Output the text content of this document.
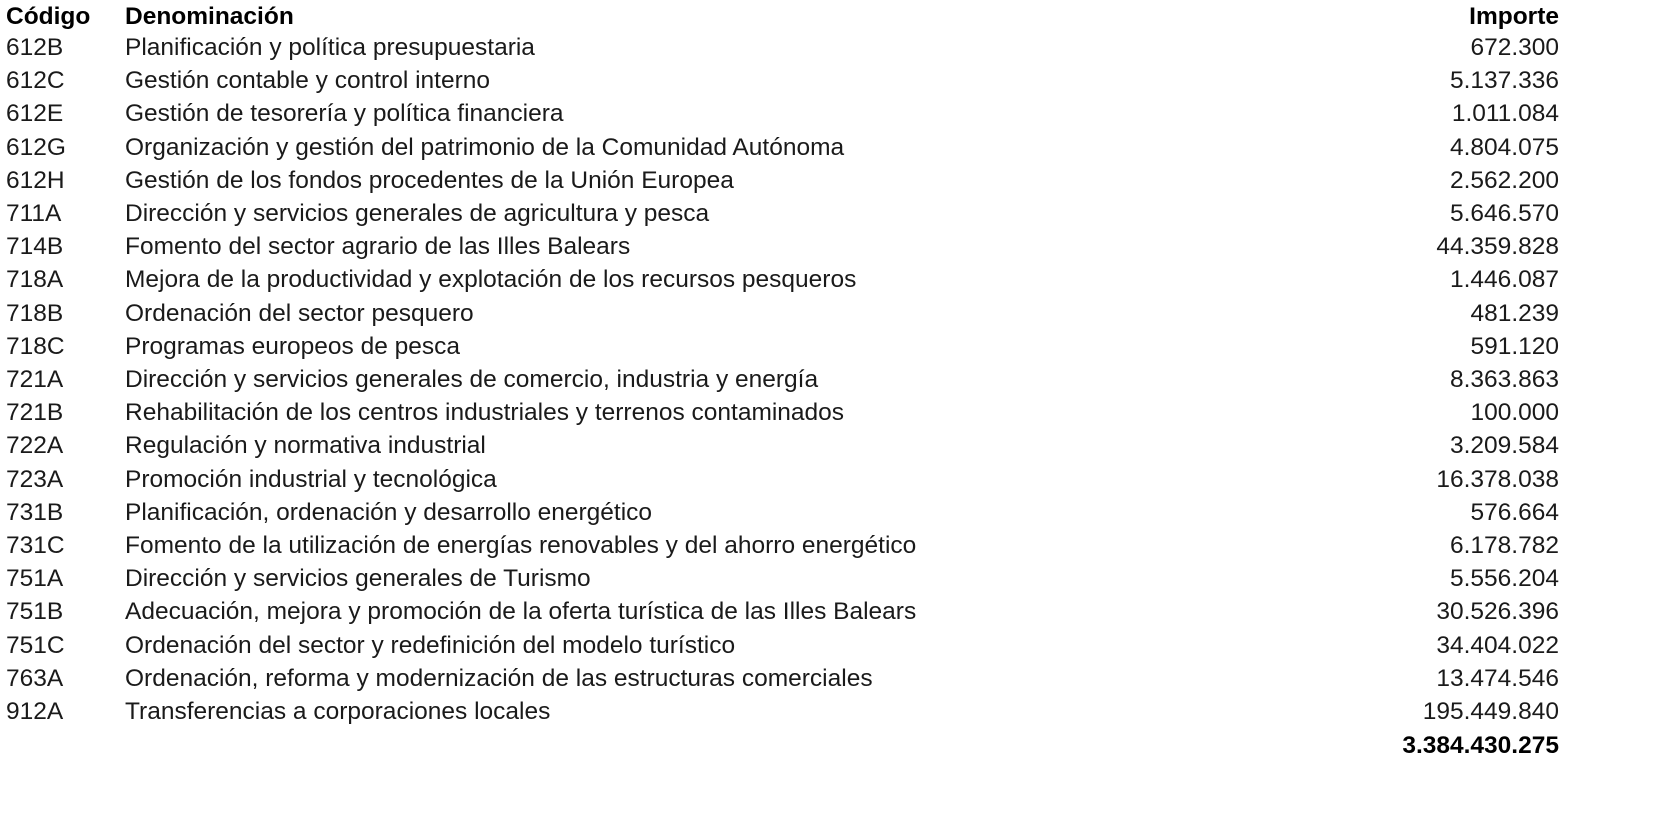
Código Denominación	Importe
612B	Planificación y política presupuestaria	672.300
612C Gestión contable y control interno	5.137.336
612E	Gestión de tesorería y política financiera	1.011.084
612G Organización y gestión del patrimonio de la Comunidad Autónoma	4.804.075
612H Gestión de los fondos procedentes de la Unión Europea	2.562.200
711A	Dirección y servicios generales de agricultura y pesca	5.646.570
714B	Fomento del sector agrario de las Illes Balears	44.359.828
718A	Mejora de la productividad y explotación de los recursos pesqueros	1.446.087
718B	Ordenación del sector pesquero	481.239
718C Programas europeos de pesca	591.120
721A	Dirección y servicios generales de comercio, industria y energía	8.363.863
721B	Rehabilitación de los centros industriales y terrenos contaminados	100.000
722A	Regulación y normativa industrial	3.209.584
723A	Promoción industrial y tecnológica	16.378.038
731B	Planificación, ordenación y desarrollo energético	576.664
731C Fomento de la utilización de energías renovables y del ahorro energético	6.178.782
751A	Dirección y servicios generales de Turismo	5.556.204
751B	Adecuación, mejora y promoción de la oferta turística de las Illes Balears	30.526.396
751C Ordenación del sector y redefinición del modelo turístico	34.404.022
763A	Ordenación, reforma y modernización de las estructuras comerciales	13.474.546
912A	Transferencias a corporaciones locales	195.449.840
3.384.430.275
